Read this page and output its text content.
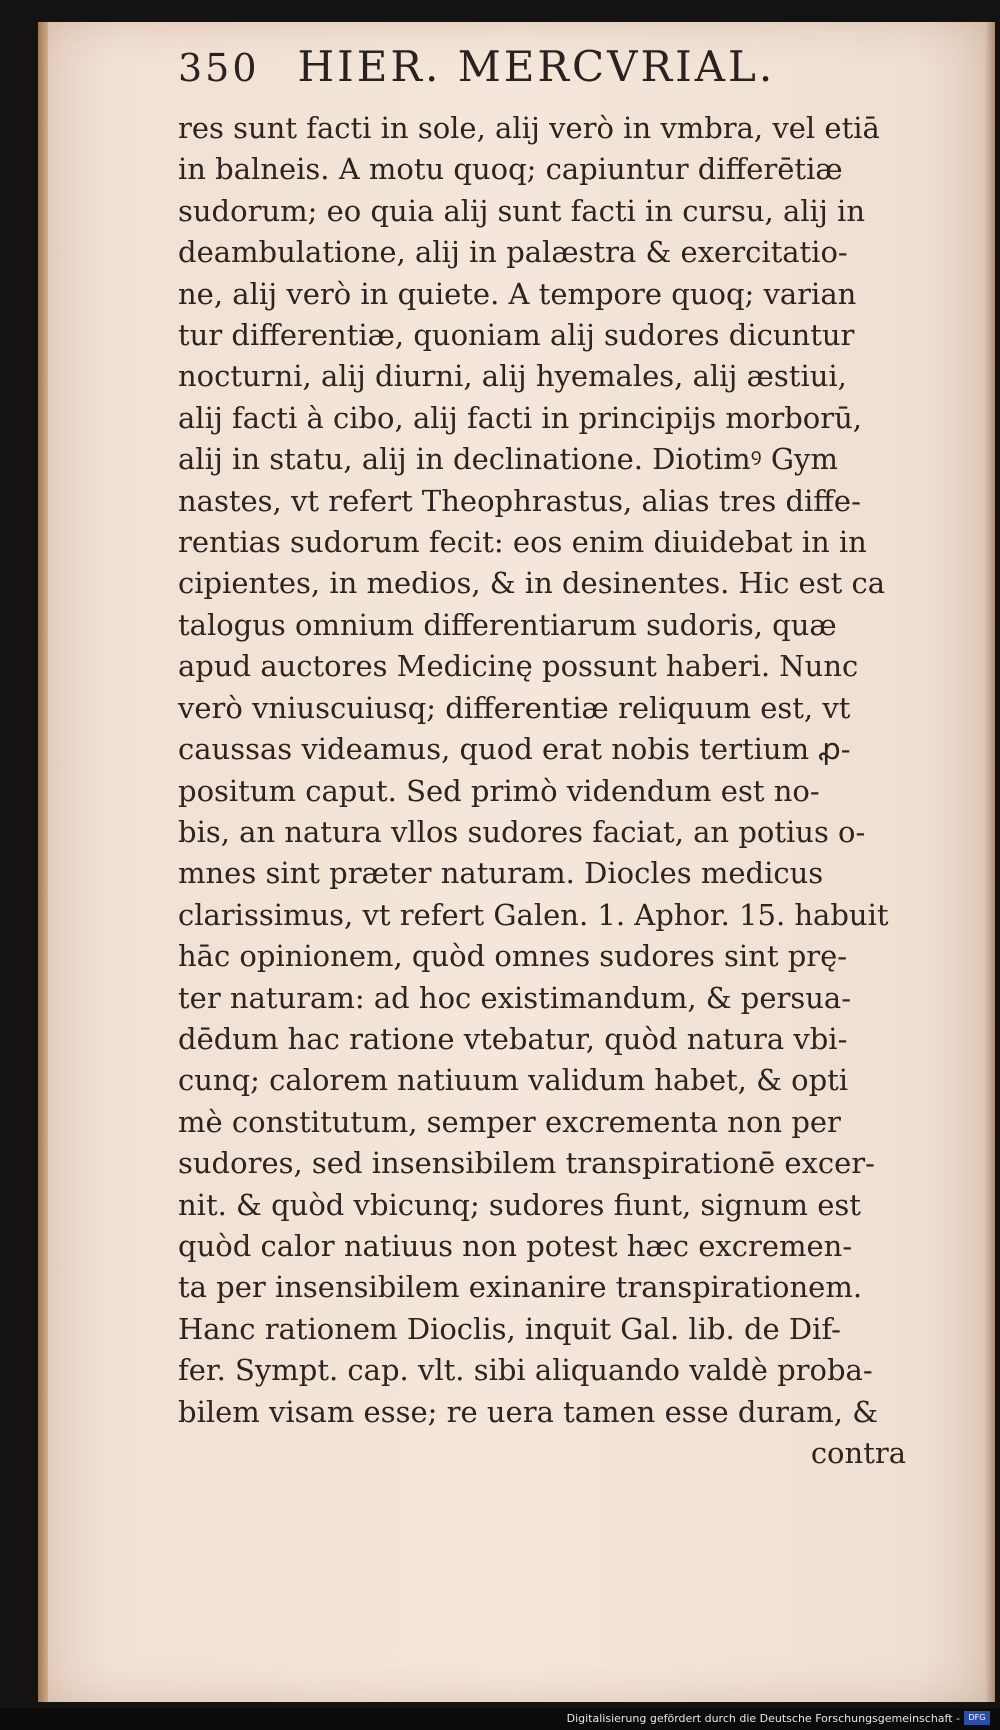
350 HIER. MERCVRIAL.
res sunt facti in sole, alij verò in vmbra, vel etiā
in balneis. A motu quoq; capiuntur differētiæ
sudorum; eo quia alij sunt facti in cursu, alij in
deambulatione, alij in palæstra & exercitatio-
ne, alij verò in quiete. A tempore quoq; varian
tur differentiæ, quoniam alij sudores dicuntur
nocturni, alij diurni, alij hyemales, alij æstiui,
alij facti à cibo, alij facti in principijs morborū,
alij in statu, alij in declinatione. Diotimꝰ Gym
nastes, vt refert Theophrastus, alias tres diffe-
rentias sudorum fecit: eos enim diuidebat in in
cipientes, in medios, & in desinentes. Hic est ca
talogus omnium differentiarum sudoris, quæ
apud auctores Medicinę possunt haberi. Nunc
verò vniuscuiusq; differentiæ reliquum est, vt
caussas videamus, quod erat nobis tertium ꝓ-
positum caput. Sed primò videndum est no-
bis, an natura vllos sudores faciat, an potius o-
mnes sint præter naturam. Diocles medicus
clarissimus, vt refert Galen. 1. Aphor. 15. habuit
hāc opinionem, quòd omnes sudores sint prę-
ter naturam: ad hoc existimandum, & persua-
dēdum hac ratione vtebatur, quòd natura vbi-
cunq; calorem natiuum validum habet, & opti
mè constitutum, semper excrementa non per
sudores, sed insensibilem transpirationē excer-
nit. & quòd vbicunq; sudores fiunt, signum est
quòd calor natiuus non potest hæc excremen-
ta per insensibilem exinanire transpirationem.
Hanc rationem Dioclis, inquit Gal. lib. de Dif-
fer. Sympt. cap. vlt. sibi aliquando valdè proba-
bilem visam esse; re uera tamen esse duram, &
contra
Digitalisierung gefördert durch die Deutsche Forschungsgemeinschaft -	DFG
